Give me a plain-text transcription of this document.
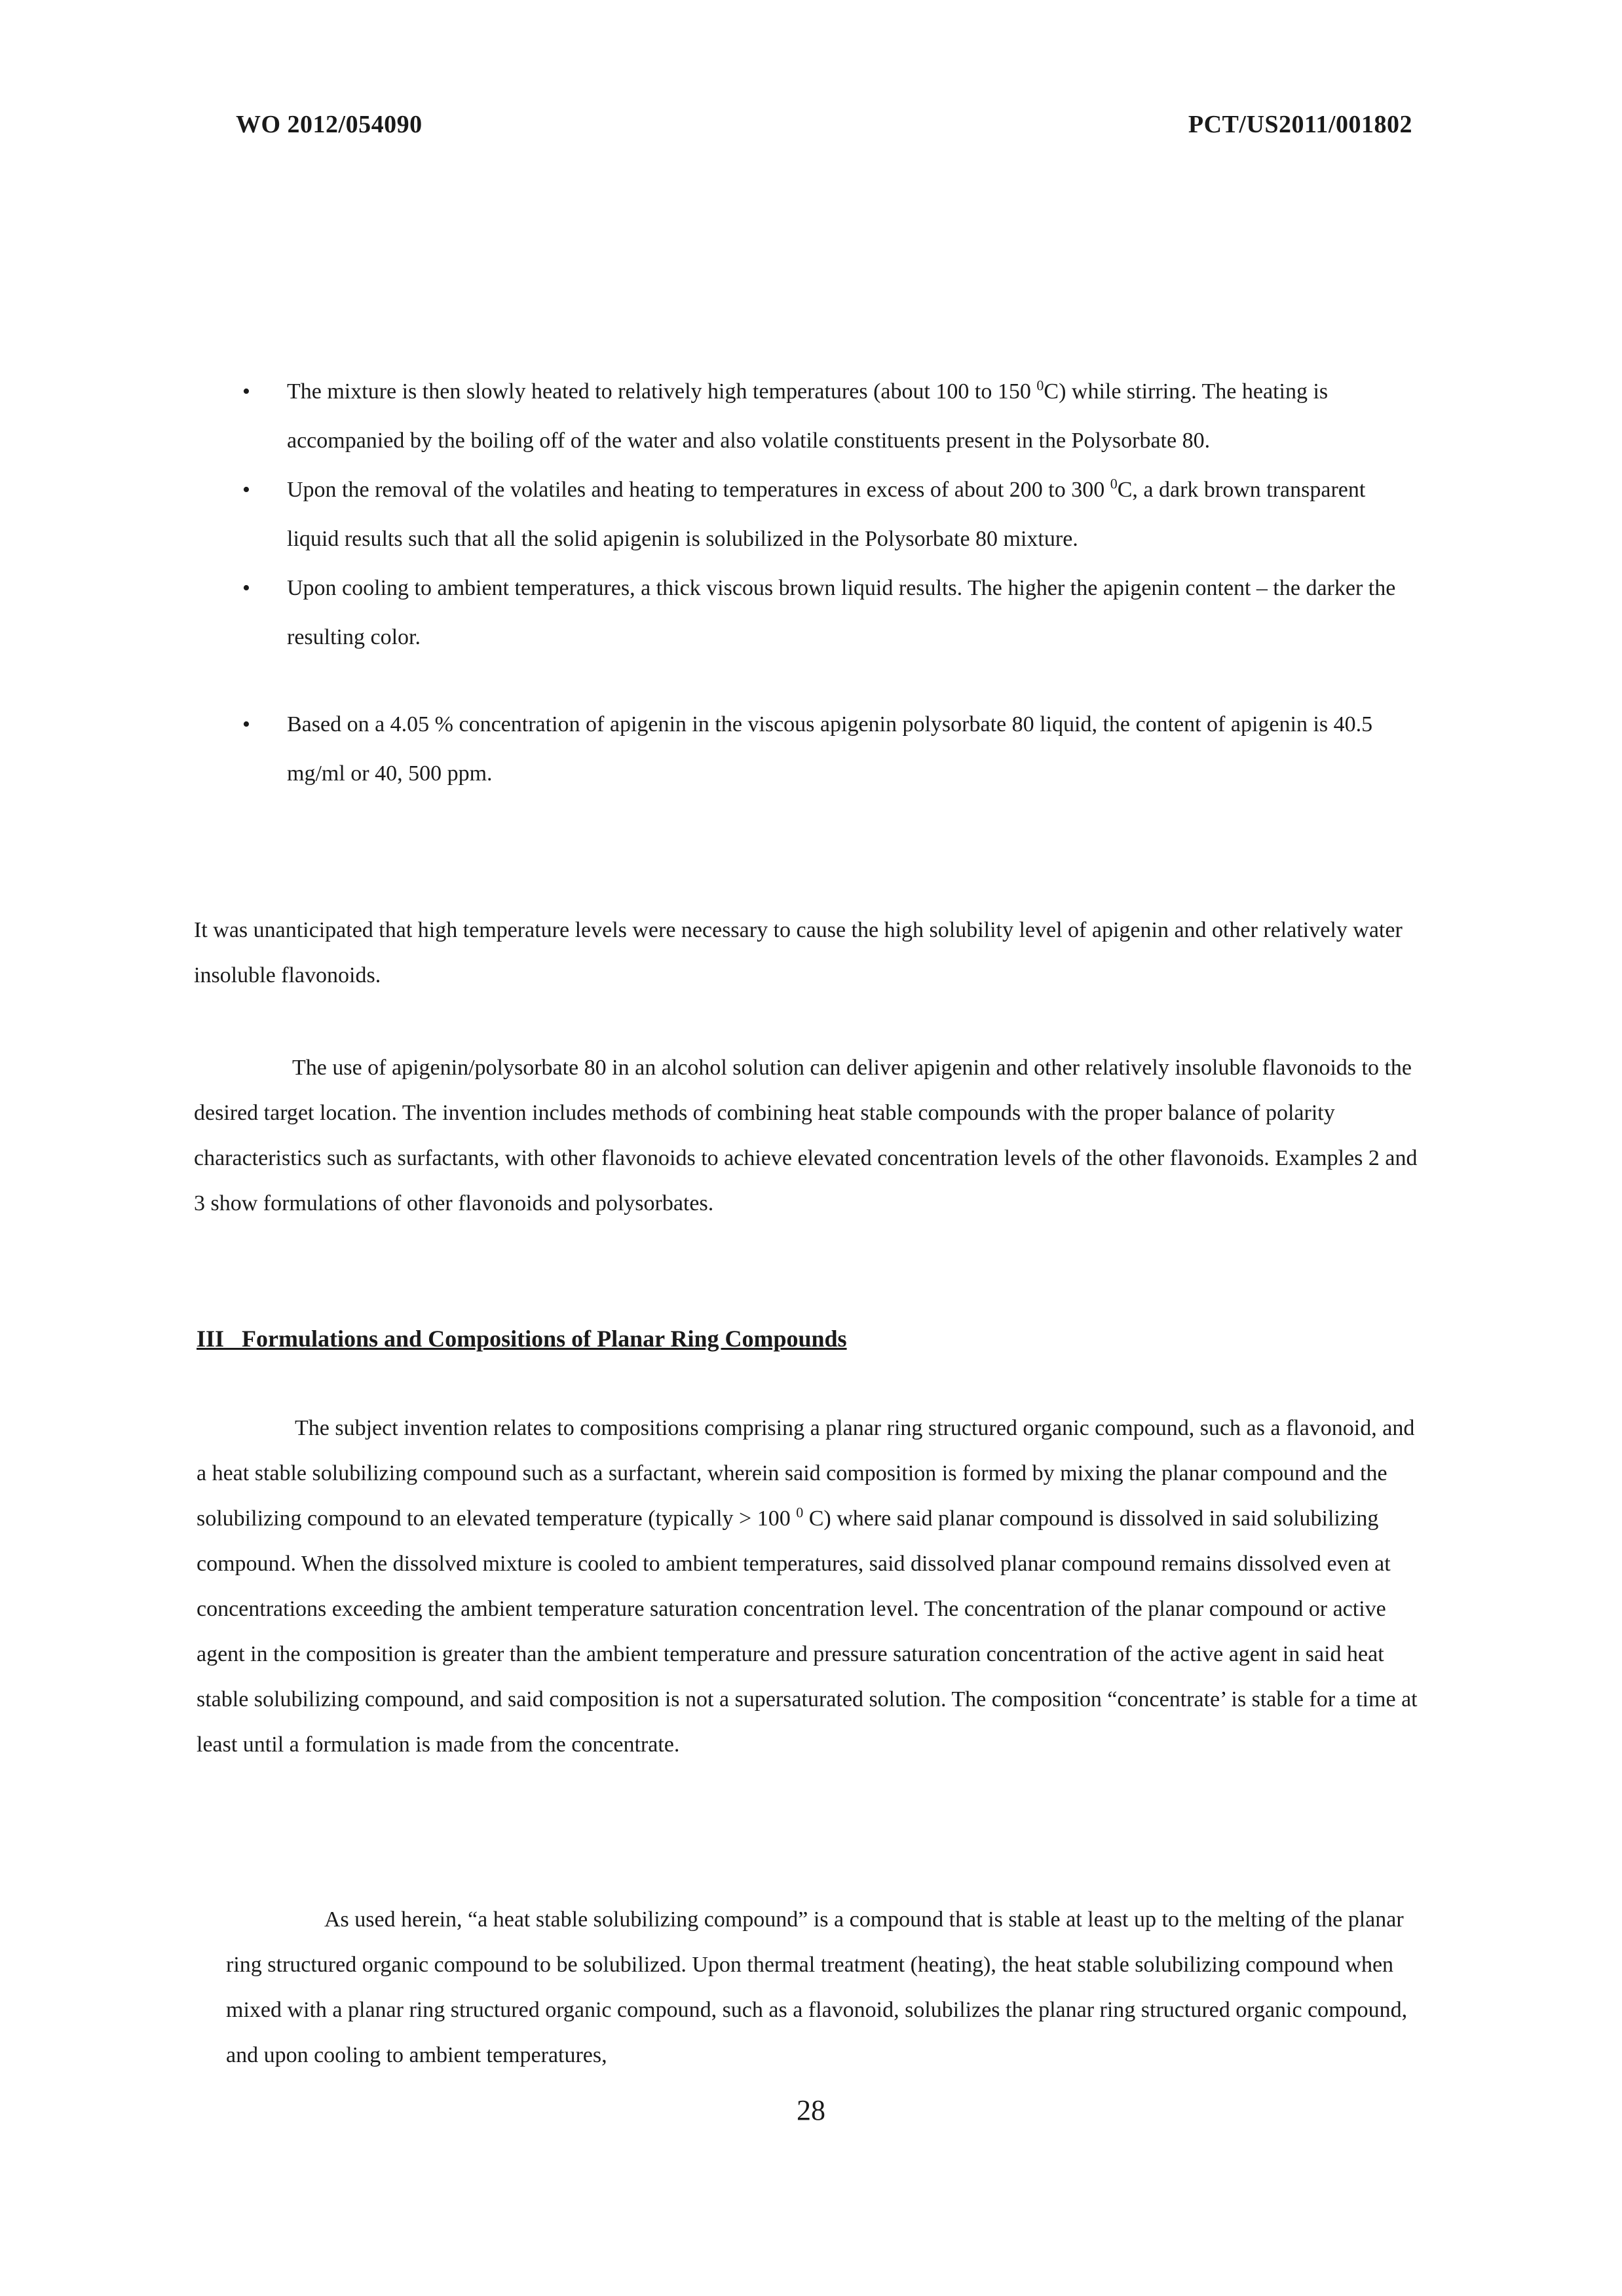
WO 2012/054090	PCT/US2011/001802
• The mixture is then slowly heated to relatively high temperatures (about 100 to 150 $^0$C) while stirring. The heating is accompanied by the boiling off of the water and also volatile constituents present in the Polysorbate 80.
• Upon the removal of the volatiles and heating to temperatures in excess of about 200 to 300 $^0$C, a dark brown transparent liquid results such that all the solid apigenin is solubilized in the Polysorbate 80 mixture.
• Upon cooling to ambient temperatures, a thick viscous brown liquid results. The higher the apigenin content – the darker the resulting color.
• Based on a 4.05 % concentration of apigenin in the viscous apigenin polysorbate 80 liquid, the content of apigenin is 40.5 mg/ml or 40, 500 ppm.

It was unanticipated that high temperature levels were necessary to cause the high solubility level of apigenin and other relatively water insoluble flavonoids.

The use of apigenin/polysorbate 80 in an alcohol solution can deliver apigenin and other relatively insoluble flavonoids to the desired target location. The invention includes methods of combining heat stable compounds with the proper balance of polarity characteristics such as surfactants, with other flavonoids to achieve elevated concentration levels of the other flavonoids. Examples 2 and 3 show formulations of other flavonoids and polysorbates.

III   Formulations and Compositions of Planar Ring Compounds

The subject invention relates to compositions comprising a planar ring structured organic compound, such as a flavonoid, and a heat stable solubilizing compound such as a surfactant, wherein said composition is formed by mixing the planar compound and the solubilizing compound to an elevated temperature (typically > 100 $^0$ C) where said planar compound is dissolved in said solubilizing compound. When the dissolved mixture is cooled to ambient temperatures, said dissolved planar compound remains dissolved even at concentrations exceeding the ambient temperature saturation concentration level. The concentration of the planar compound or active agent in the composition is greater than the ambient temperature and pressure saturation concentration of the active agent in said heat stable solubilizing compound, and said composition is not a supersaturated solution. The composition “concentrate’ is stable for a time at least until a formulation is made from the concentrate.

As used herein, “a heat stable solubilizing compound” is a compound that is stable at least up to the melting of the planar ring structured organic compound to be solubilized. Upon thermal treatment (heating), the heat stable solubilizing compound when mixed with a planar ring structured organic compound, such as a flavonoid, solubilizes the planar ring structured organic compound, and upon cooling to ambient temperatures,

28
